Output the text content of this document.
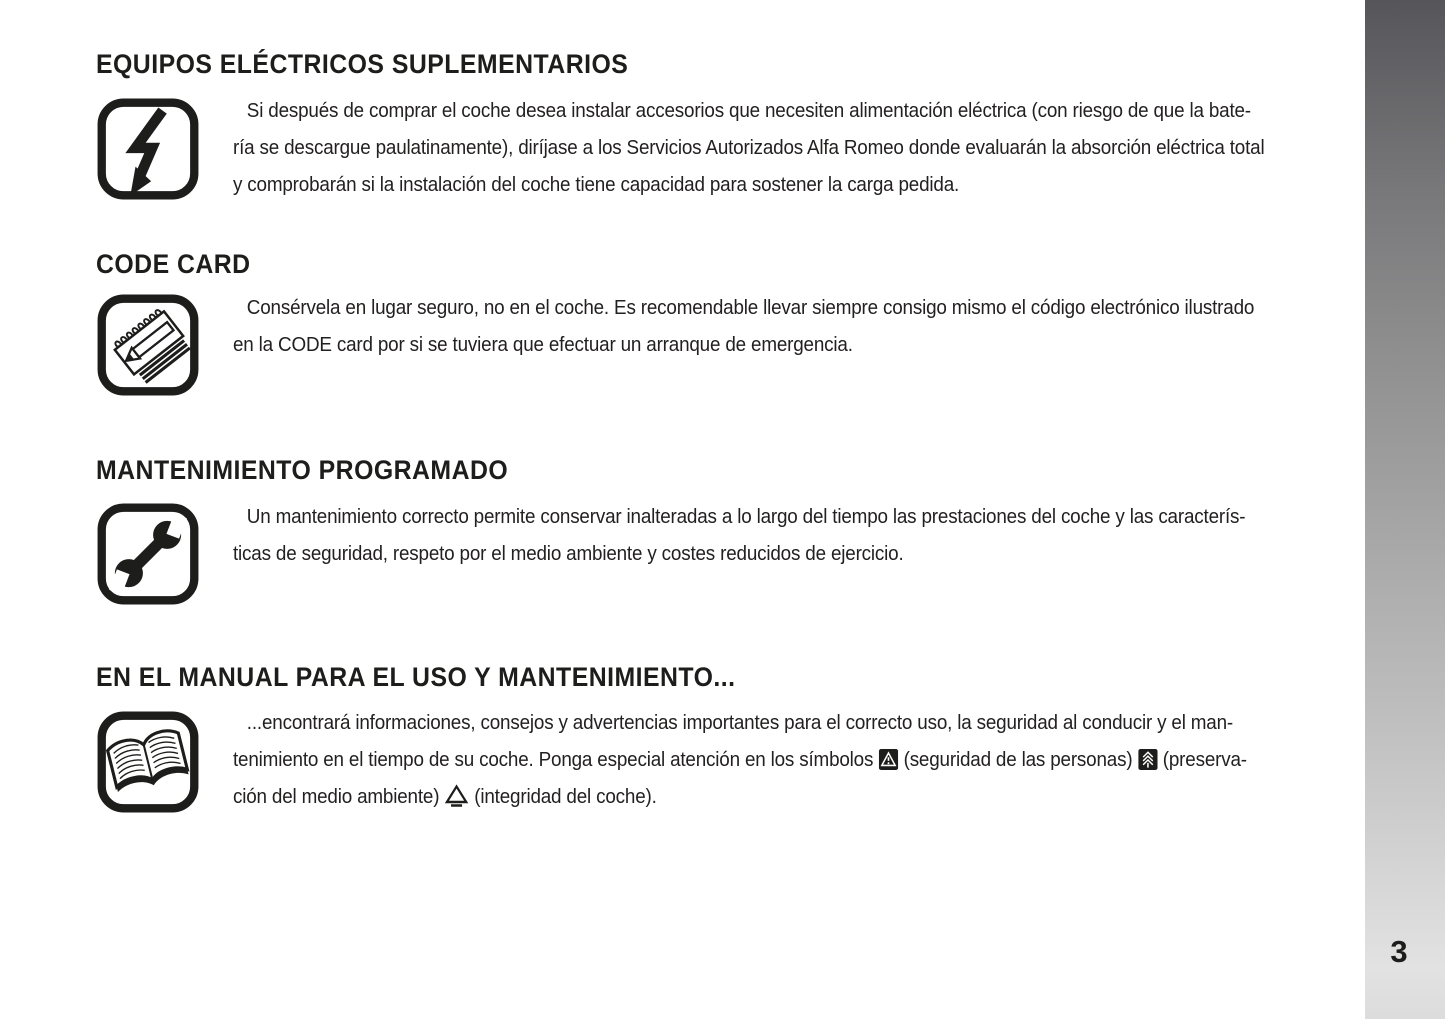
3
EQUIPOS ELÉCTRICOS SUPLEMENTARIOS
Si después de comprar el coche desea instalar accesorios que necesiten alimentación eléctrica (con riesgo de que la bate-
ría se descargue paulatinamente), diríjase a los Servicios Autorizados Alfa Romeo donde evaluarán la absorción eléctrica total
y comprobarán si la instalación del coche tiene capacidad para sostener la carga pedida.
CODE CARD
Consérvela en lugar seguro, no en el coche. Es recomendable llevar siempre consigo mismo el código electrónico ilustrado
en la CODE card por si se tuviera que efectuar un arranque de emergencia.
MANTENIMIENTO PROGRAMADO
Un mantenimiento correcto permite conservar inalteradas a lo largo del tiempo las prestaciones del coche y las caracterís-
ticas de seguridad, respeto por el medio ambiente y costes reducidos de ejercicio.
EN EL MANUAL PARA EL USO Y MANTENIMIENTO...
...encontrará informaciones, consejos y advertencias importantes para el correcto uso, la seguridad al conducir y el man-
tenimiento en el tiempo de su coche. Ponga especial atención en los símbolos (seguridad de las personas) (preserva-
ción del medio ambiente) (integridad del coche).
